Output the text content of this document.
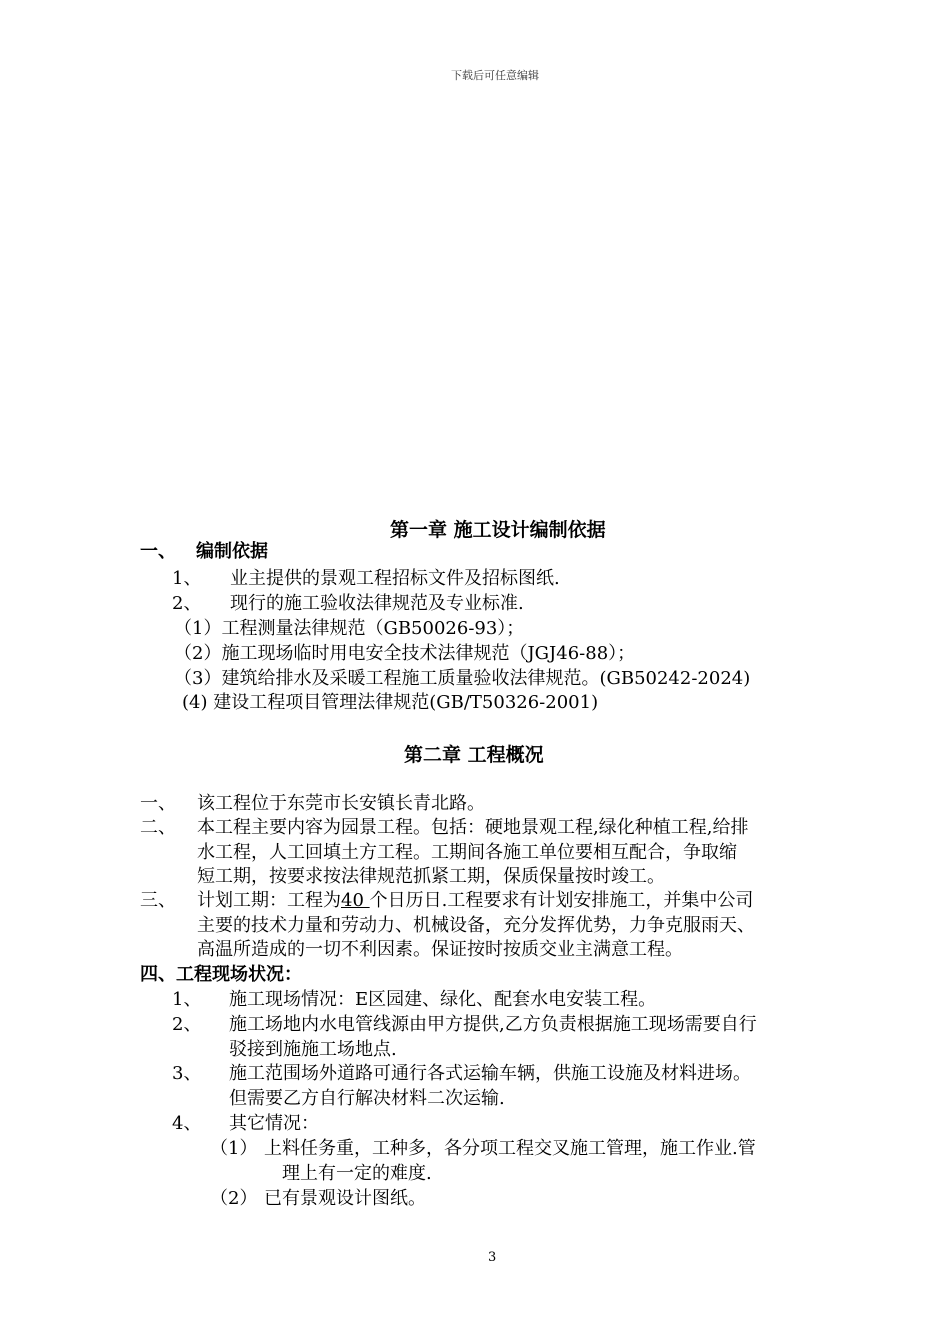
下载后可任意编辑
第一章 施工设计编制依据
一、 编制依据
1、 业主提供的景观工程招标文件及招标图纸.
2、 现行的施工验收法律规范及专业标准.
（1）工程测量法律规范（GB50026-93）；
（2）施工现场临时用电安全技术法律规范（JGJ46-88）；
（3）建筑给排水及采暖工程施工质量验收法律规范。(GB50242-2024)
(4) 建设工程项目管理法律规范(GB/T50326-2001)
第二章 工程概况
一、 该工程位于东莞市长安镇长青北路。
二、 本工程主要内容为园景工程。包括：硬地景观工程,绿化种植工程,给排
水工程，人工回填土方工程。工期间各施工单位要相互配合，争取缩
短工期，按要求按法律规范抓紧工期，保质保量按时竣工。
三、 计划工期：工程为40 个日历日.工程要求有计划安排施工，并集中公司
主要的技术力量和劳动力、机械设备，充分发挥优势，力争克服雨天、
高温所造成的一切不利因素。保证按时按质交业主满意工程。
四、工程现场状况：
1、 施工现场情况：E区园建、绿化、配套水电安装工程。
2、 施工场地内水电管线源由甲方提供,乙方负责根据施工现场需要自行
驳接到施施工场地点.
3、 施工范围场外道路可通行各式运输车辆，供施工设施及材料进场。
但需要乙方自行解决材料二次运输.
4、 其它情况：
（1） 上料任务重，工种多，各分项工程交叉施工管理，施工作业.管
理上有一定的难度.
（2） 已有景观设计图纸。
3
